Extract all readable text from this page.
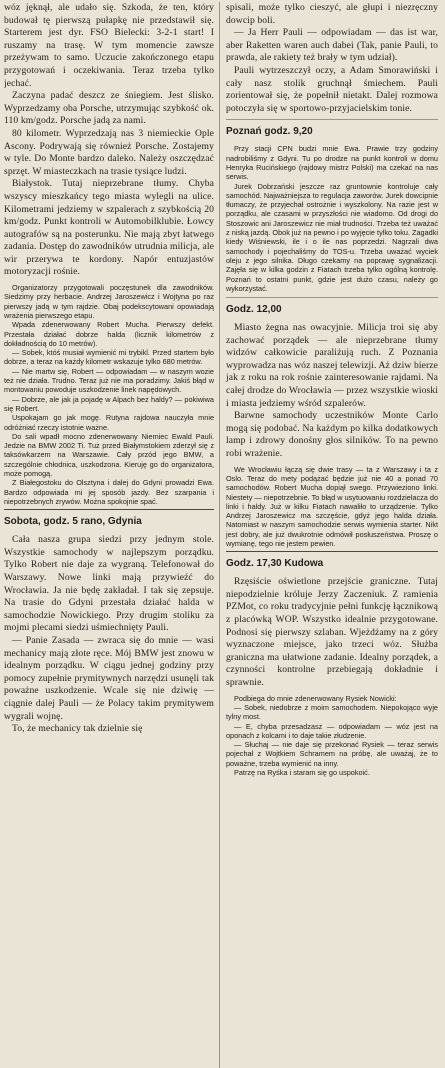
wóz jęknął, ale udało się. Szkoda, że ten, który budował tę pierwszą pułapkę nie przedstawił się. Starterem jest dyr. FSO Bielecki: 3-2-1 start! I ruszamy na trasę. W tym momencie zawsze przeżywam to samo. Uczucie zakończonego etapu przygotowań i oczekiwania. Teraz trzeba tylko jechać.

Zaczyna padać deszcz ze śniegiem. Jest ślisko. Wyprzedzamy oba Porsche, utrzymując szybkość ok. 110 km/godz. Porsche jadą za nami.

80 kilometr. Wyprzedzają nas 3 niemieckie Ople Ascony. Podrywają się również Porsche. Zostajemy w tyle. Do Monte bardzo daleko. Należy oszczędzać sprzęt. W miasteczkach na trasie tysiące ludzi.

Białystok. Tutaj nieprzebrane tłumy. Chyba wszyscy mieszkańcy tego miasta wylegli na ulice. Kilometrami jedziemy w szpalerach z szybkością 20 km/godz. Punkt kontroli w Automobilklubie. Łowcy autografów są na posterunku. Nie mają zbyt łatwego zadania. Dostęp do zawodników utrudnia milicja, ale wir przerywa te kordony. Napór entuzjastów motoryzacji rośnie.

Organizatorzy przygotowali poczęstunek dla zawodników. Siedzimy przy herbacie. Andrzej Jaroszewicz i Wojtyna po raz pierwszy jadą w tym rajdzie. Obaj podekscytowani opowiadają wrażenia pierwszego etapu.

Wpada zdenerwowany Robert Mucha. Pierwszy defekt. Przestała działać dobrze halda (licznik kilometrów z dokładnością do 10 metrów).

— Sobek, któś musiał wymienić mi trybikl. Przed startem było dobrze, a teraz na każdy kilometr wskazuje tylko 680 metrów.

— Nie martw się, Robert — odpowiadam — w naszym wozie też nie działa. Trudno. Teraz już nie ma poradzimy. Jakiś błąd w montowaniu powoduje uszkodzenie linek napędowych.

— Dobrze, ale jak ja pojadę w Alpach bez haldy? — pokiwiwa się Robert.

Uspokajam go jak mogę. Rutyna rajdowa nauczyła mnie odróżniać rzeczy istotnie ważne.

Do sali wpadł mocno zdenerwowany Niemiec Ewald Pauli. Jedzie na BMW 2002 Ti. Tuż przed Białymstokiem zderzył się z taksówkarzem na Warszawie. Cały przód jego BMW, a szczególnie chłodnica, uszkodzona. Kieruję go do organizatora, może pomogą.

Z Białegostoku do Olsztyna i dalej do Gdyni prowadzi Ewa. Bardzo odpowiada mi jej sposób jazdy. Bez szarpania i niepotrzebnych zrywów. Można spokojnie spać.

Sobota, godz. 5 rano, Gdynia

Cała nasza grupa siedzi przy jednym stole. Wszystkie samochody w najlepszym porządku. Tylko Robert nie daje za wygraną. Telefonował do Warszawy. Nowe linki mają przywieźć do Wrocławia. Ja nie będę zakładał. I tak się zepsuje. Na trasie do Gdyni przestała działać halda w samochodzie Nowickiego. Przy drugim stoliku za mojmi plecami siedzi uśmiechnięty Pauli.

— Panie Zasada — zwraca się do mnie — wasi mechanicy mają złote ręce. Mój BMW jest znowu w idealnym porządku. W ciągu jednej godziny przy pomocy zupełnie prymitywnych narzędzi usunęli tak poważne uszkodzenie. Wcale się nie dziwię — ciągnie dalej Pauli — że Polacy takim prymitywem wygrali wojnę.

To, że mechanicy tak dzielnie się

spisali, może tylko cieszyć, ale głupi i niezręczny dowcip boli.

— Ja Herr Pauli — odpowiadam — das ist war, aber Raketten waren auch dabei (Tak, panie Pauli, to prawda, ale rakiety też brały w tym udział).

Pauli wytrzeszczył oczy, a Adam Smorawiński i cały nasz stolik gruchnął śmiechem. Pauli zorientował się, że popełnił nietakt. Dalej rozmowa potoczyła się w sportowo-przyjacielskim tonie.

Poznań godz. 9,20

Przy stacji CPN budzi mnie Ewa. Prawie trzy godziny nadrobiliśmy z Gdyni. Tu po drodze na punkt kontroli w domu Henryka Rucińskiego (rajdowy mistrz Polski) ma czekać na nas serwis.

Jurek Dobrzański jeszcze raz gruntownie kontroluje cały samochód. Najważniejsza to regulacja zaworów. Jurek dowcipnie tłumaczy, że przyjechał ostrożnie i wyszkolony. Na razie jest w porządku, ale czasami w przyszłości nie wiadomo. Od drogi do Stoszowic ani Jaroszewicz nie miał trudności. Trzeba też uważać z niską jazdą. Obok już na pewno i po wyjęcie tylko toku. Zagadki kiedy Wiśniewski, ile i o ile nas poprzedzi. Nagrzali dwa samochody i pojechaliśmy do TOS-u. Trzeba uważać wyciek oleju z jego silnika. Długo czekamy na poprawę sygnalizacji. Zajęła się w kilka godzin z Fiatach trzeba tylko ogólną kontrolę. Poznań to ostatni punkt, gdzie jest dużo czasu, należy go wykorzystać.

Godz. 12,00

Miasto żegna nas owacyjnie. Milicja troi się aby zachować porządek — ale nieprzebrane tłumy widzów całkowicie paraliżują ruch. Z Poznania wyprowadza nas wóz naszej telewizji. Aż dziw bierze jak z roku na rok rośnie zainteresowanie rajdami. Na całej drodze do Wrocławia — przez wszystkie wioski i miasta jedziemy wśród szpalerów.

Barwne samochody uczestników Monte Carlo mogą się podobać. Na każdym po kilka dodatkowych lamp i zdrowy donośny głos silników. To na pewno robi wrażenie.

We Wrocławiu łączą się dwie trasy — ta z Warszawy i ta z Oslo. Teraz do mety podążać będzie już nie 40 a ponad 70 samochodów. Robert Mucha dopiął swego. Przywieziono linki. Niestety — niepotrzebnie. To błąd w usytuowaniu rozdzielacza do linki i haldy. Już w kilku Fiatach nawaliło to urządzenie. Tylko Andrzej Jaroszewicz ma szczęście, gdyż jego halda działa. Natomiast w naszym samochodzie serwis wymienia starter. Nikt jest dobry, ale już dwukrotnie odmówił posłuszeństwa. Proszę o wymianę, tego nie jestem pewien.

Godz. 17,30 Kudowa

Rzęsiście oświetlone przejście graniczne. Tutaj niepodzielnie króluje Jerzy Zaczeniuk. Z ramienia PZMot, co roku tradycyjnie pełni funkcję łącznikową z placówką WOP. Wszystko idealnie przygotowane. Podnosi się pierwszy szlaban. Wjeżdżamy na z góry wyznaczone miejsce, jako trzeci wóz. Służba graniczna ma ułatwione zadanie. Idealny porządek, a czynności kontrolne przebiegają dokładnie i sprawnie.

Podbiega do mnie zdenerwowany Rysiek Nowicki:

— Sobek, niedobrze z moim samochodem. Niepokojąco wyje tylny most.

— E, chyba przesadzasz — odpowiadam — wóz jest na oponach z kolcami i to daje takie złudzenie.

— Słuchaj — nie daje się przekonać Rysiek — teraz serwis pojechał z Wojtkiem Schramem na próbę, ale uważaj, że to poważne, trzeba wymienić na inny.

Patrzę na Ryśka i staram się go uspokoić.
